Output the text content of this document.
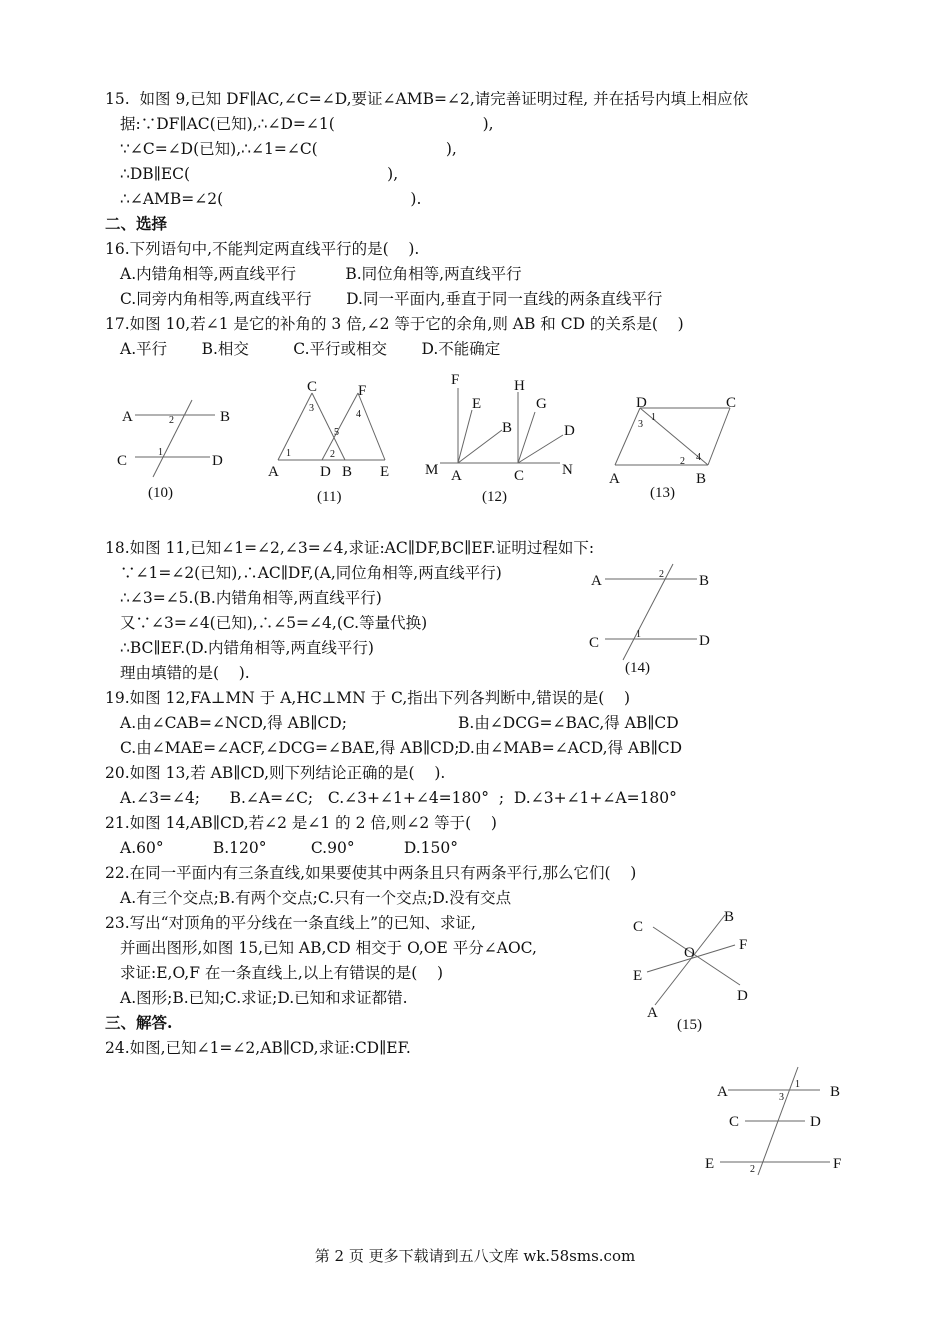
15.  如图 9,已知 DF∥AC,∠C=∠D,要证∠AMB=∠2,请完善证明过程, 并在括号内填上相应依
据:∵DF∥AC(已知),∴∠D=∠1(                              ),
∵∠C=∠D(已知),∴∠1=∠C(                          ),
∴DB∥EC(                                        ),
∴∠AMB=∠2(                                      ).
二、选择
16.下列语句中,不能判定两直线平行的是(    ).
A.内错角相等,两直线平行          B.同位角相等,两直线平行
C.同旁内角相等,两直线平行       D.同一平面内,垂直于同一直线的两条直线平行
17.如图 10,若∠1 是它的补角的 3 倍,∠2 等于它的余角,则 AB 和 CD 的关系是(    )
A.平行       B.相交         C.平行或相交       D.不能确定
A	B
C	D
2
1
(10)
C	F
A	D B E
3
4
5
1	2
(11)
F	H
E	G
B	D
M A	C	N
(12)
D	C
A	B
1
3
2 4
(13)
18.如图 11,已知∠1=∠2,∠3=∠4,求证:AC∥DF,BC∥EF.证明过程如下:
∵∠1=∠2(已知),∴AC∥DF,(A,同位角相等,两直线平行)
∴∠3=∠5.(B.内错角相等,两直线平行)
又∵∠3=∠4(已知),∴∠5=∠4,(C.等量代换)
∴BC∥EF.(D.内错角相等,两直线平行)
理由填错的是(    ).
A	B
C	D
2
1
(14)
19.如图 12,FA⊥MN 于 A,HC⊥MN 于 C,指出下列各判断中,错误的是(    )
A.由∠CAB=∠NCD,得 AB∥CD;	B.由∠DCG=∠BAC,得 AB∥CD
C.由∠MAE=∠ACF,∠DCG=∠BAE,得 AB∥CD;
D.由∠MAB=∠ACD,得 AB∥CD
20.如图 13,若 AB∥CD,则下列结论正确的是(    ).
A.∠3=∠4;      B.∠A=∠C;   C.∠3+∠1+∠4=180°  ;  D.∠3+∠1+∠A=180°
21.如图 14,AB∥CD,若∠2 是∠1 的 2 倍,则∠2 等于(    )
A.60°          B.120°         C.90°          D.150°
22.在同一平面内有三条直线,如果要使其中两条且只有两条平行,那么它们(    )
A.有三个交点;B.有两个交点;C.只有一个交点;D.没有交点
23.写出“对顶角的平分线在一条直线上”的已知、求证,
并画出图形,如图 15,已知 AB,CD 相交于 O,OE 平分∠AOC,
求证:E,O,F 在一条直线上,以上有错误的是(    )
A.图形;B.已知;C.求证;D.已知和求证都错.
C
B
F
O
E
D
A
(15)
三、解答.
24.如图,已知∠1=∠2,AB∥CD,求证:CD∥EF.
A	B
C	D
E	F
1
3
2
第 2 页 更多下载请到五八文库 wk.58sms.com
